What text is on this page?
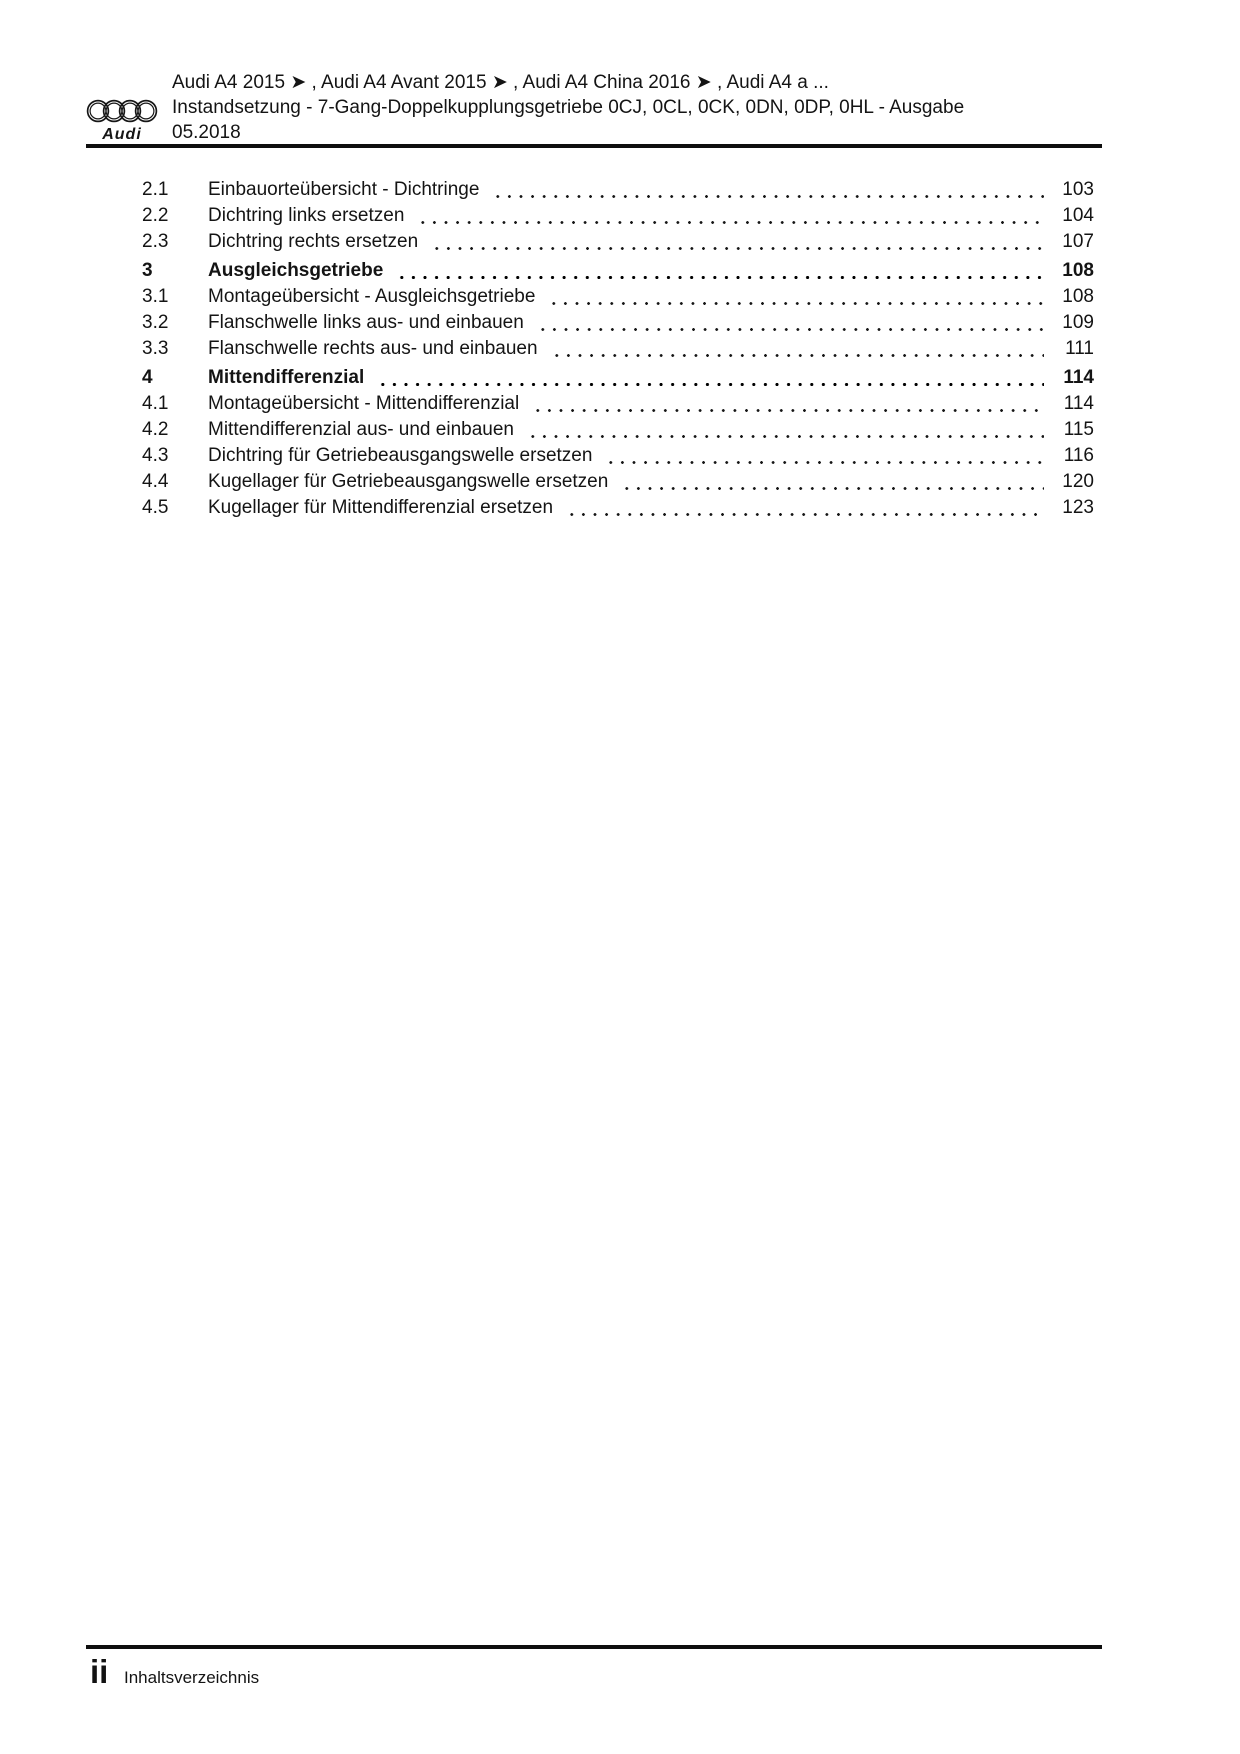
Audi
Audi A4 2015 ➤ , Audi A4 Avant 2015 ➤ , Audi A4 China 2016 ➤ , Audi A4 a ...
Instandsetzung - 7-Gang-Doppelkupplungsgetriebe 0CJ, 0CL, 0CK, 0DN, 0DP, 0HL - Ausgabe
05.2018
2.1	Einbauorteübersicht - Dichtringe	103
2.2	Dichtring links ersetzen	104
2.3	Dichtring rechts ersetzen	107
3	Ausgleichsgetriebe	108
3.1	Montageübersicht - Ausgleichsgetriebe	108
3.2	Flanschwelle links aus- und einbauen	109
3.3	Flanschwelle rechts aus- und einbauen	111
4	Mittendifferenzial	114
4.1	Montageübersicht - Mittendifferenzial	114
4.2	Mittendifferenzial aus- und einbauen	115
4.3	Dichtring für Getriebeausgangswelle ersetzen	116
4.4	Kugellager für Getriebeausgangswelle ersetzen	120
4.5	Kugellager für Mittendifferenzial ersetzen	123
ii Inhaltsverzeichnis
